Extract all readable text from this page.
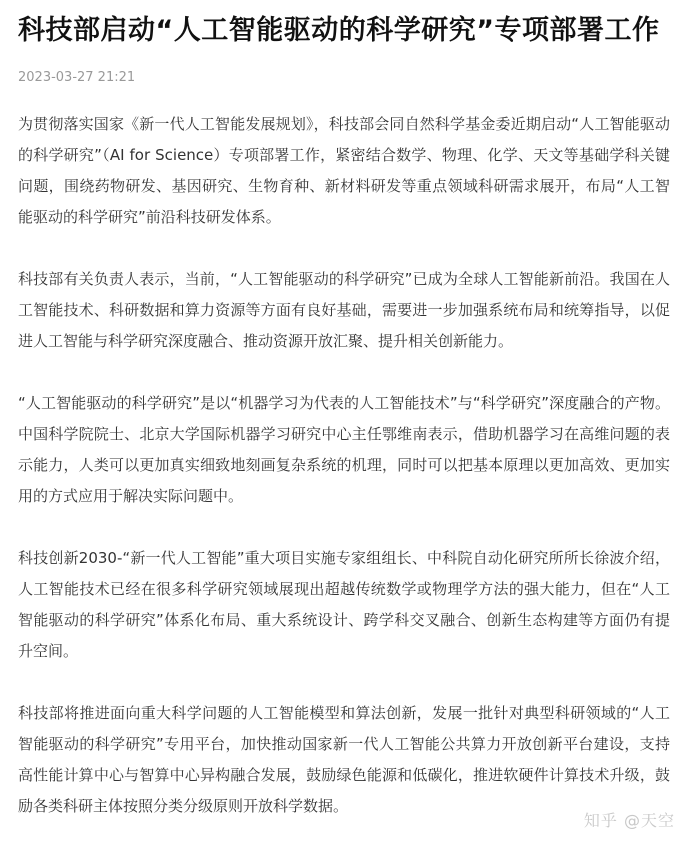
科技部启动“人工智能驱动的科学研究”专项部署工作
2023-03-27 21:21

为贯彻落实国家《新一代人工智能发展规划》，科技部会同自然科学基金委近期启动“人工智能驱动的科学研究”（AI for Science）专项部署工作，紧密结合数学、物理、化学、天文等基础学科关键问题，围绕药物研发、基因研究、生物育种、新材料研发等重点领域科研需求展开，布局“人工智能驱动的科学研究”前沿科技研发体系。

科技部有关负责人表示，当前，“人工智能驱动的科学研究”已成为全球人工智能新前沿。我国在人工智能技术、科研数据和算力资源等方面有良好基础，需要进一步加强系统布局和统筹指导，以促进人工智能与科学研究深度融合、推动资源开放汇聚、提升相关创新能力。

“人工智能驱动的科学研究”是以“机器学习为代表的人工智能技术”与“科学研究”深度融合的产物。中国科学院院士、北京大学国际机器学习研究中心主任鄂维南表示，借助机器学习在高维问题的表示能力，人类可以更加真实细致地刻画复杂系统的机理，同时可以把基本原理以更加高效、更加实用的方式应用于解决实际问题中。

科技创新2030-“新一代人工智能”重大项目实施专家组组长、中科院自动化研究所所长徐波介绍，人工智能技术已经在很多科学研究领域展现出超越传统数学或物理学方法的强大能力，但在“人工智能驱动的科学研究”体系化布局、重大系统设计、跨学科交叉融合、创新生态构建等方面仍有提升空间。

科技部将推进面向重大科学问题的人工智能模型和算法创新，发展一批针对典型科研领域的“人工智能驱动的科学研究”专用平台，加快推动国家新一代人工智能公共算力开放创新平台建设，支持高性能计算中心与智算中心异构融合发展，鼓励绿色能源和低碳化，推进软硬件计算技术升级，鼓励各类科研主体按照分类分级原则开放科学数据。

知乎 @天空
